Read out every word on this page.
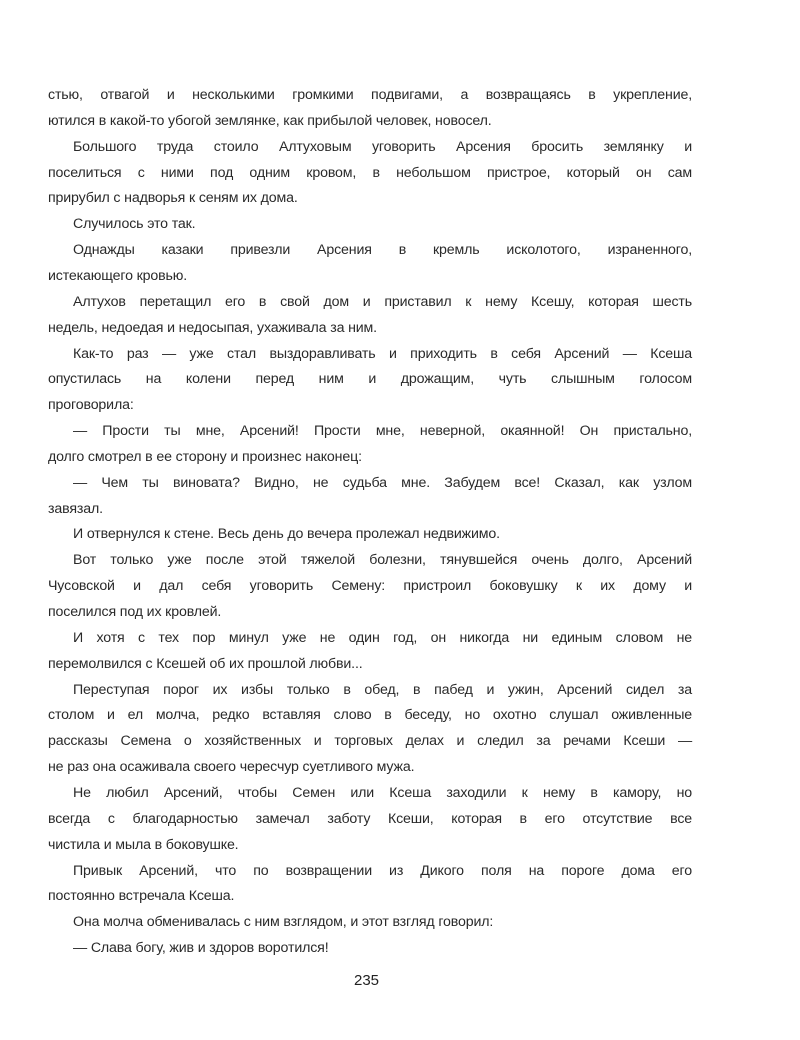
стью, отвагой и несколькими громкими подвигами, а возвращаясь в укрепление,
ютился в какой-то убогой землянке, как прибылой человек, новосел.
Большого труда стоило Алтуховым уговорить Арсения бросить землянку и
поселиться с ними под одним кровом, в небольшом пристрое, который он сам
прирубил с надворья к сеням их дома.
Случилось это так.
Однажды казаки привезли Арсения в кремль исколотого, израненного,
истекающего кровью.
Алтухов перетащил его в свой дом и приставил к нему Ксешу, которая шесть
недель, недоедая и недосыпая, ухаживала за ним.
Как-то раз — уже стал выздоравливать и приходить в себя Арсений — Ксеша
опустилась на колени перед ним и дрожащим, чуть слышным голосом
проговорила:
— Прости ты мне, Арсений! Прости мне, неверной, окаянной! Он пристально,
долго смотрел в ее сторону и произнес наконец:
— Чем ты виновата? Видно, не судьба мне. Забудем все! Сказал, как узлом
завязал.
И отвернулся к стене. Весь день до вечера пролежал недвижимо.
Вот только уже после этой тяжелой болезни, тянувшейся очень долго, Арсений
Чусовской и дал себя уговорить Семену: пристроил боковушку к их дому и
поселился под их кровлей.
И хотя с тех пор минул уже не один год, он никогда ни единым словом не
перемолвился с Ксешей об их прошлой любви...
Переступая порог их избы только в обед, в пабед и ужин, Арсений сидел за
столом и ел молча, редко вставляя слово в беседу, но охотно слушал оживленные
рассказы Семена о хозяйственных и торговых делах и следил за речами Ксеши —
не раз она осаживала своего чересчур суетливого мужа.
Не любил Арсений, чтобы Семен или Ксеша заходили к нему в камору, но
всегда с благодарностью замечал заботу Ксеши, которая в его отсутствие все
чистила и мыла в боковушке.
Привык Арсений, что по возвращении из Дикого поля на пороге дома его
постоянно встречала Ксеша.
Она молча обменивалась с ним взглядом, и этот взгляд говорил:
— Слава богу, жив и здоров воротился!
235
